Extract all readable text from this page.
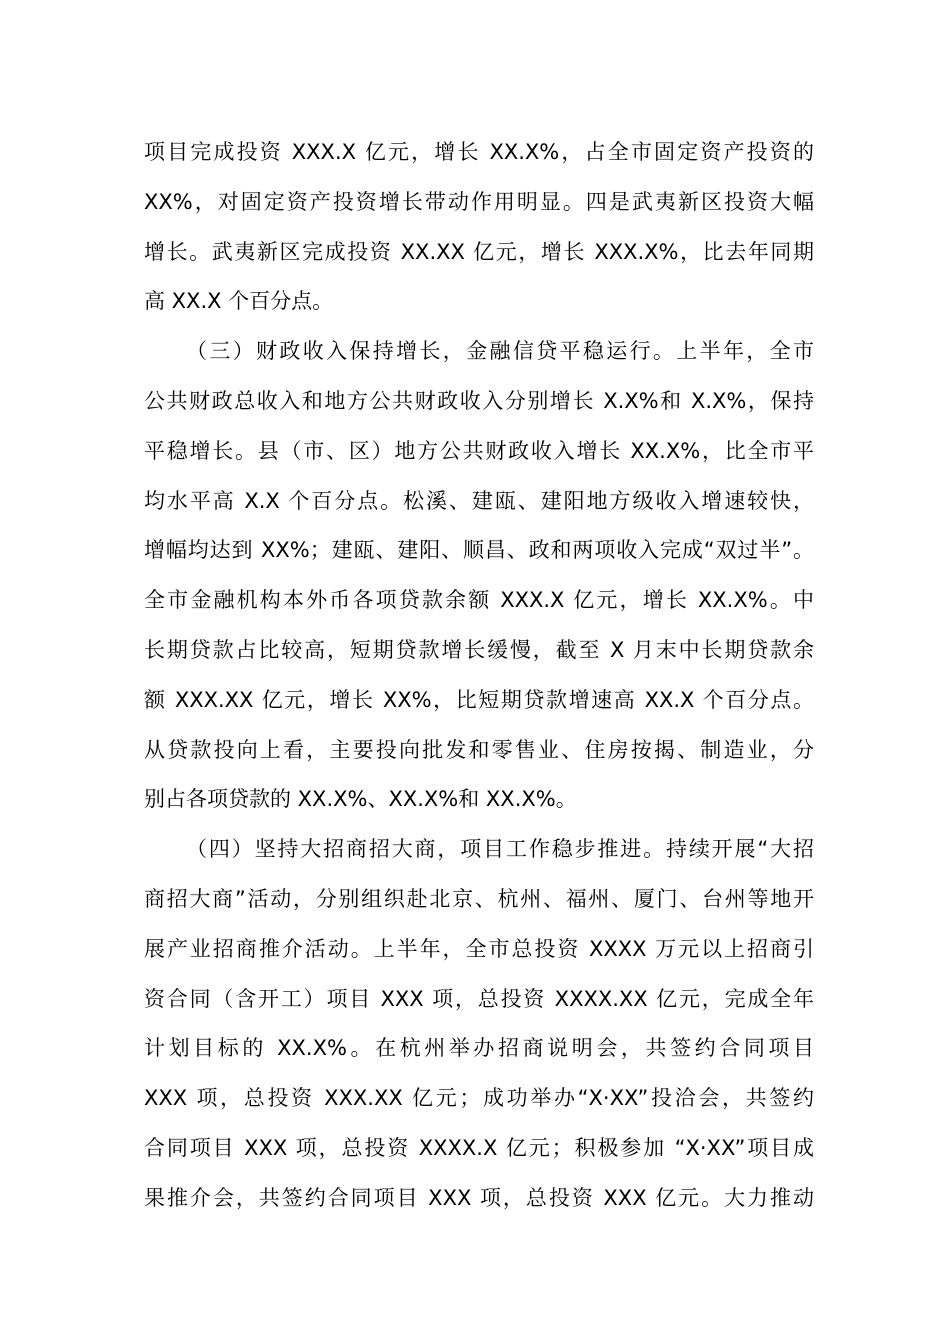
项目完成投资 XXX.X 亿元，增长 XX.X%，占全市固定资产投资的
XX%，对固定资产投资增长带动作用明显。四是武夷新区投资大幅
增长。武夷新区完成投资 XX.XX 亿元，增长 XXX.X%，比去年同期
高 XX.X 个百分点。
（三）财政收入保持增长，金融信贷平稳运行。上半年，全市
公共财政总收入和地方公共财政收入分别增长 X.X%和 X.X%，保持
平稳增长。县（市、区）地方公共财政收入增长 XX.X%，比全市平
均水平高 X.X 个百分点。松溪、建瓯、建阳地方级收入增速较快，
增幅均达到 XX%；建瓯、建阳、顺昌、政和两项收入完成“双过半”。
全市金融机构本外币各项贷款余额 XXX.X 亿元，增长 XX.X%。中
长期贷款占比较高，短期贷款增长缓慢，截至 X 月末中长期贷款余
额 XXX.XX 亿元，增长 XX%，比短期贷款增速高 XX.X 个百分点。
从贷款投向上看，主要投向批发和零售业、住房按揭、制造业，分
别占各项贷款的 XX.X%、XX.X%和 XX.X%。
（四）坚持大招商招大商，项目工作稳步推进。持续开展“大招
商招大商”活动，分别组织赴北京、杭州、福州、厦门、台州等地开
展产业招商推介活动。上半年，全市总投资 XXXX 万元以上招商引
资合同（含开工）项目 XXX 项，总投资 XXXX.XX 亿元，完成全年
计划目标的 XX.X%。在杭州举办招商说明会，共签约合同项目
XXX 项，总投资 XXX.XX 亿元；成功举办“X·XX”投洽会，共签约
合同项目 XXX 项，总投资 XXXX.X 亿元；积极参加 “X·XX”项目成
果推介会，共签约合同项目 XXX 项，总投资 XXX 亿元。大力推动
